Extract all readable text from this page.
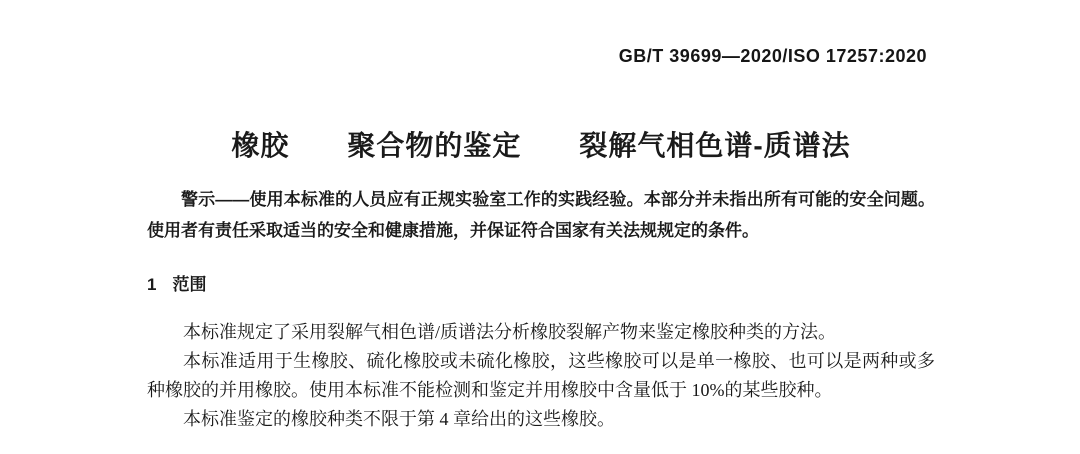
GB/T 39699—2020/ISO 17257:2020
橡胶　　聚合物的鉴定　　裂解气相色谱-质谱法
警示——使用本标准的人员应有正规实验室工作的实践经验。本部分并未指出所有可能的安全问题。使用者有责任采取适当的安全和健康措施，并保证符合国家有关法规规定的条件。
1 范围

本标准规定了采用裂解气相色谱/质谱法分析橡胶裂解产物来鉴定橡胶种类的方法。

本标准适用于生橡胶、硫化橡胶或未硫化橡胶，这些橡胶可以是单一橡胶、也可以是两种或多种橡胶的并用橡胶。使用本标准不能检测和鉴定并用橡胶中含量低于 10%的某些胶种。

本标准鉴定的橡胶种类不限于第 4 章给出的这些橡胶。
